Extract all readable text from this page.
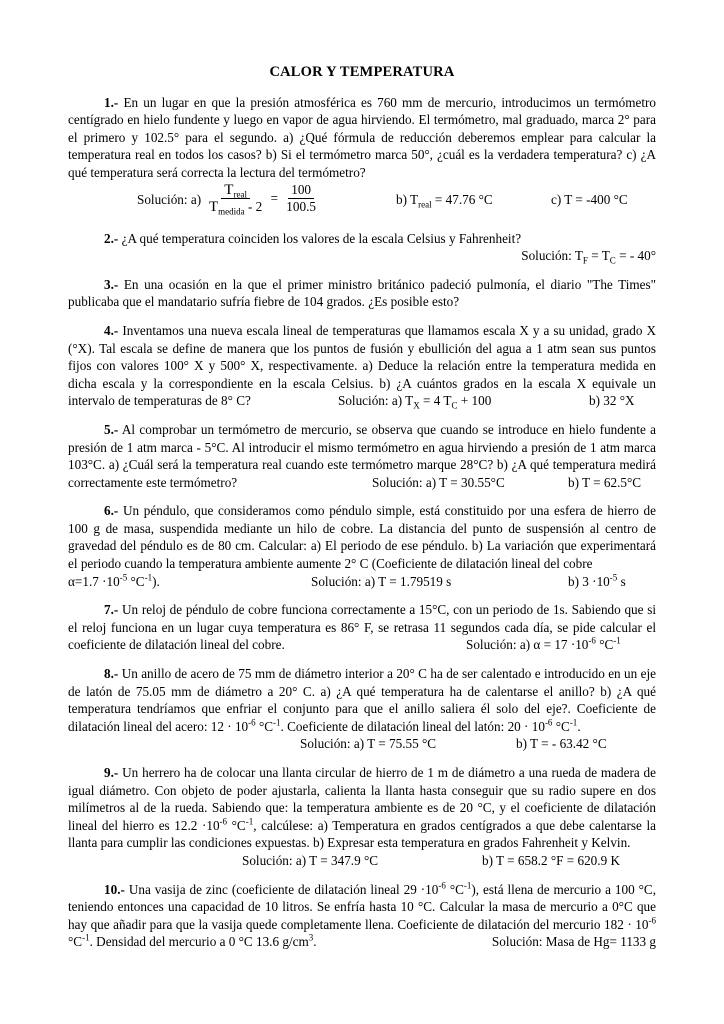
CALOR Y TEMPERATURA

1.- En un lugar en que la presión atmosférica es 760 mm de mercurio, introducimos un termómetro centígrado en hielo fundente y luego en vapor de agua hirviendo. El termómetro, mal graduado, marca 2° para el primero y 102.5° para el segundo. a) ¿Qué fórmula de reducción deberemos emplear para calcular la temperatura real en todos los casos? b) Si el termómetro marca 50°, ¿cuál es la verdadera temperatura? c) ¿A qué temperatura será correcta la lectura del termómetro?

Solución: $a) \frac{T_{real}}{T_{medida} - 2} = \frac{100}{100.5}$	b) $T_{real} = 47.76$ °C	c) T = -400 °C

2.- ¿A qué temperatura coinciden los valores de la escala Celsius y Fahrenheit?

Solución: $T_F = T_C$ = - 40°

3.- En una ocasión en la que el primer ministro británico padeció pulmonía, el diario "The Times" publicaba que el mandatario sufría fiebre de 104 grados. ¿Es posible esto?

4.- Inventamos una nueva escala lineal de temperaturas que llamamos escala X y a su unidad, grado X (°X). Tal escala se define de manera que los puntos de fusión y ebullición del agua a 1 atm sean sus puntos fijos con valores 100° X y 500° X, respectivamente. a) Deduce la relación entre la temperatura medida en dicha escala y la correspondiente en la escala Celsius. b) ¿A cuántos grados en la escala X equivale un intervalo de temperaturas de 8° C?	Solución: a) $T_X = 4$ $T_C + 100$	b) 32 °X

5.- Al comprobar un termómetro de mercurio, se observa que cuando se introduce en hielo fundente a presión de 1 atm marca - 5°C. Al introducir el mismo termómetro en agua hirviendo a presión de 1 atm marca 103°C. a) ¿Cuál será la temperatura real cuando este termómetro marque 28°C? b) ¿A qué temperatura medirá correctamente este termómetro?	Solución: a) T = 30.55°C	b) T = 62.5°C

6.- Un péndulo, que consideramos como péndulo simple, está constituido por una esfera de hierro de 100 g de masa, suspendida mediante un hilo de cobre. La distancia del punto de suspensión al centro de gravedad del péndulo es de 80 cm. Calcular: a) El periodo de ese péndulo. b) La variación que experimentará el periodo cuando la temperatura ambiente aumente 2° C (Coeficiente de dilatación lineal del cobre

$\alpha=1.7 \cdot 10^{-5}$ $^\circ C^{-1}$).	Solución: a) T = 1.79519 s	b) $3 \cdot 10^{-5}$ s

7.- Un reloj de péndulo de cobre funciona correctamente a 15°C, con un periodo de 1s. Sabiendo que si el reloj funciona en un lugar cuya temperatura es 86° F, se retrasa 11 segundos cada día, se pide calcular el coeficiente de dilatación lineal del cobre.	Solución: a) $\alpha = 17 \cdot 10^{-6}$ $^\circ C^{-1}$

8.- Un anillo de acero de 75 mm de diámetro interior a 20° C ha de ser calentado e introducido en un eje de latón de 75.05 mm de diámetro a 20° C. a) ¿A qué temperatura ha de calentarse el anillo? b) ¿A qué temperatura tendríamos que enfriar el conjunto para que el anillo saliera él solo del eje?. Coeficiente de dilatación lineal del acero: $12 \cdot 10^{-6}$ $^\circ C^{-1}$. Coeficiente de dilatación lineal del latón: $20 \cdot 10^{-6}$ $^\circ C^{-1}$.

Solución: a) T = 75.55 °C	b) T = - 63.42 °C

9.- Un herrero ha de colocar una llanta circular de hierro de 1 m de diámetro a una rueda de madera de igual diámetro. Con objeto de poder ajustarla, calienta la llanta hasta conseguir que su radio supere en dos milímetros al de la rueda. Sabiendo que: la temperatura ambiente es de 20 °C, y el coeficiente de dilatación lineal del hierro es $12.2 \cdot 10^{-6}$ $^\circ C^{-1}$, calcúlese: a) Temperatura en grados centígrados a que debe calentarse la llanta para cumplir las condiciones expuestas. b) Expresar esta temperatura en grados Fahrenheit y Kelvin.

Solución: a) T = 347.9 °C	b) T = 658.2 °F = 620.9 K

10.- Una vasija de zinc (coeficiente de dilatación lineal $29 \cdot 10^{-6}$ $^\circ C^{-1}$), está llena de mercurio a 100 °C, teniendo entonces una capacidad de 10 litros. Se enfría hasta 10 °C. Calcular la masa de mercurio a 0°C que hay que añadir para que la vasija quede completamente llena. Coeficiente de dilatación del mercurio $182 \cdot 10^{-6}$ $^\circ C^{-1}$. Densidad del mercurio a 0 °C 13.6 $g/cm^3$.	Solución: Masa de Hg= 1133 g
